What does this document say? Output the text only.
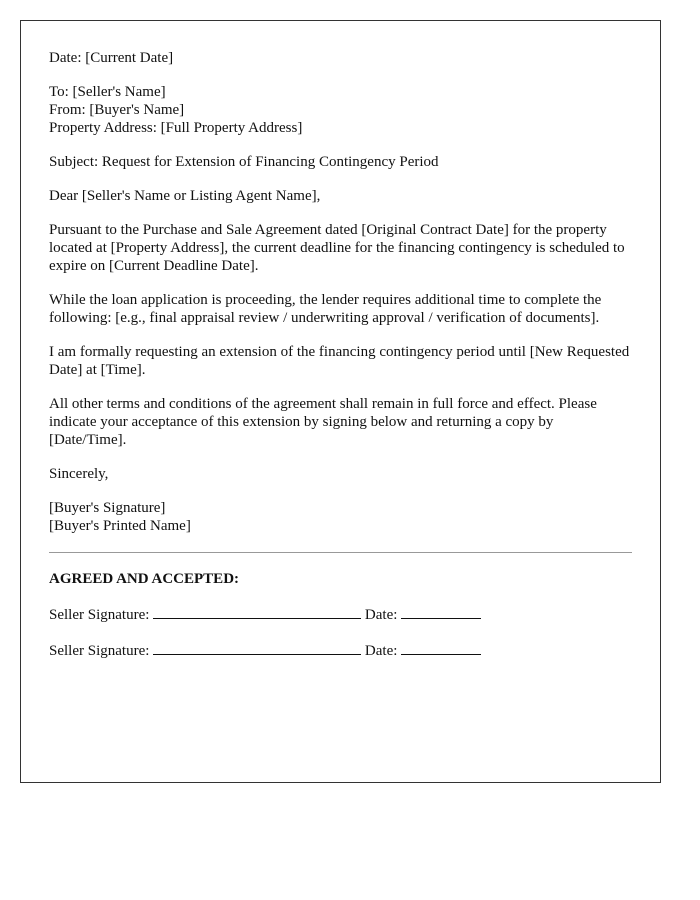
Date: [Current Date]

To: [Seller's Name]
From: [Buyer's Name]
Property Address: [Full Property Address]

Subject: Request for Extension of Financing Contingency Period

Dear [Seller's Name or Listing Agent Name],

Pursuant to the Purchase and Sale Agreement dated [Original Contract Date] for the property located at [Property Address], the current deadline for the financing contingency is scheduled to expire on [Current Deadline Date].

While the loan application is proceeding, the lender requires additional time to complete the following: [e.g., final appraisal review / underwriting approval / verification of documents].

I am formally requesting an extension of the financing contingency period until [New Requested Date] at [Time].

All other terms and conditions of the agreement shall remain in full force and effect. Please indicate your acceptance of this extension by signing below and returning a copy by [Date/Time].

Sincerely,

[Buyer's Signature]
[Buyer's Printed Name]

AGREED AND ACCEPTED:

Seller Signature:	Date:

Seller Signature:	Date:
